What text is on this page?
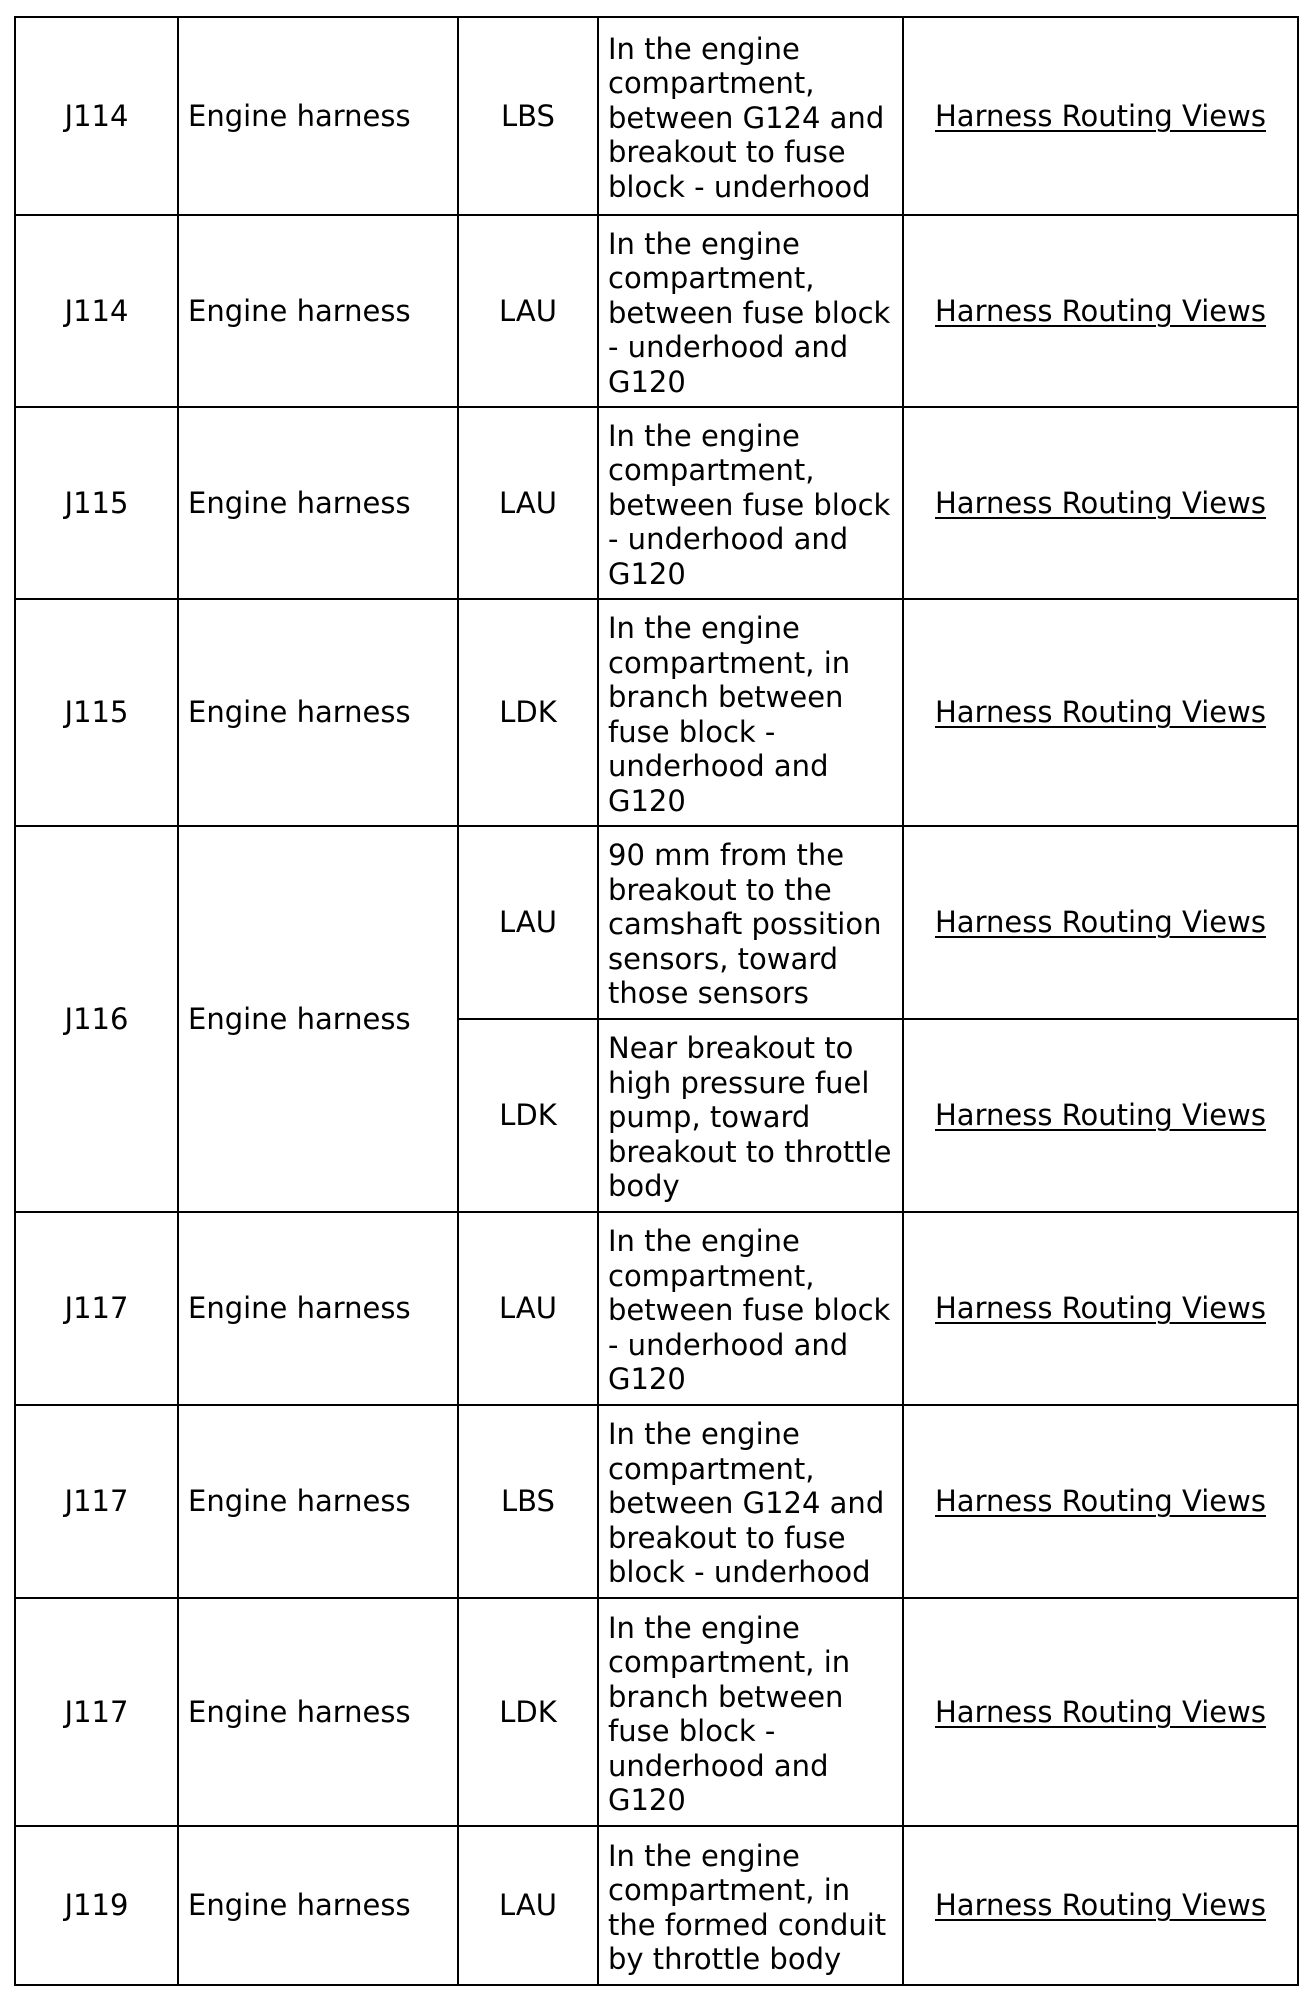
J114	Engine harness	LBS	In the engine compartment, between G124 and breakout to fuse block - underhood	Harness Routing Views
J114	Engine harness	LAU	In the engine compartment, between fuse block - underhood and G120	Harness Routing Views
J115	Engine harness	LAU	In the engine compartment, between fuse block - underhood and G120	Harness Routing Views
J115	Engine harness	LDK	In the engine compartment, in branch between fuse block - underhood and G120	Harness Routing Views
J116	Engine harness	LAU	90 mm from the breakout to the camshaft possition sensors, toward those sensors	Harness Routing Views
		LDK	Near breakout to high pressure fuel pump, toward breakout to throttle body	Harness Routing Views
J117	Engine harness	LAU	In the engine compartment, between fuse block - underhood and G120	Harness Routing Views
J117	Engine harness	LBS	In the engine compartment, between G124 and breakout to fuse block - underhood	Harness Routing Views
J117	Engine harness	LDK	In the engine compartment, in branch between fuse block - underhood and G120	Harness Routing Views
J119	Engine harness	LAU	In the engine compartment, in the formed conduit by throttle body	Harness Routing Views
